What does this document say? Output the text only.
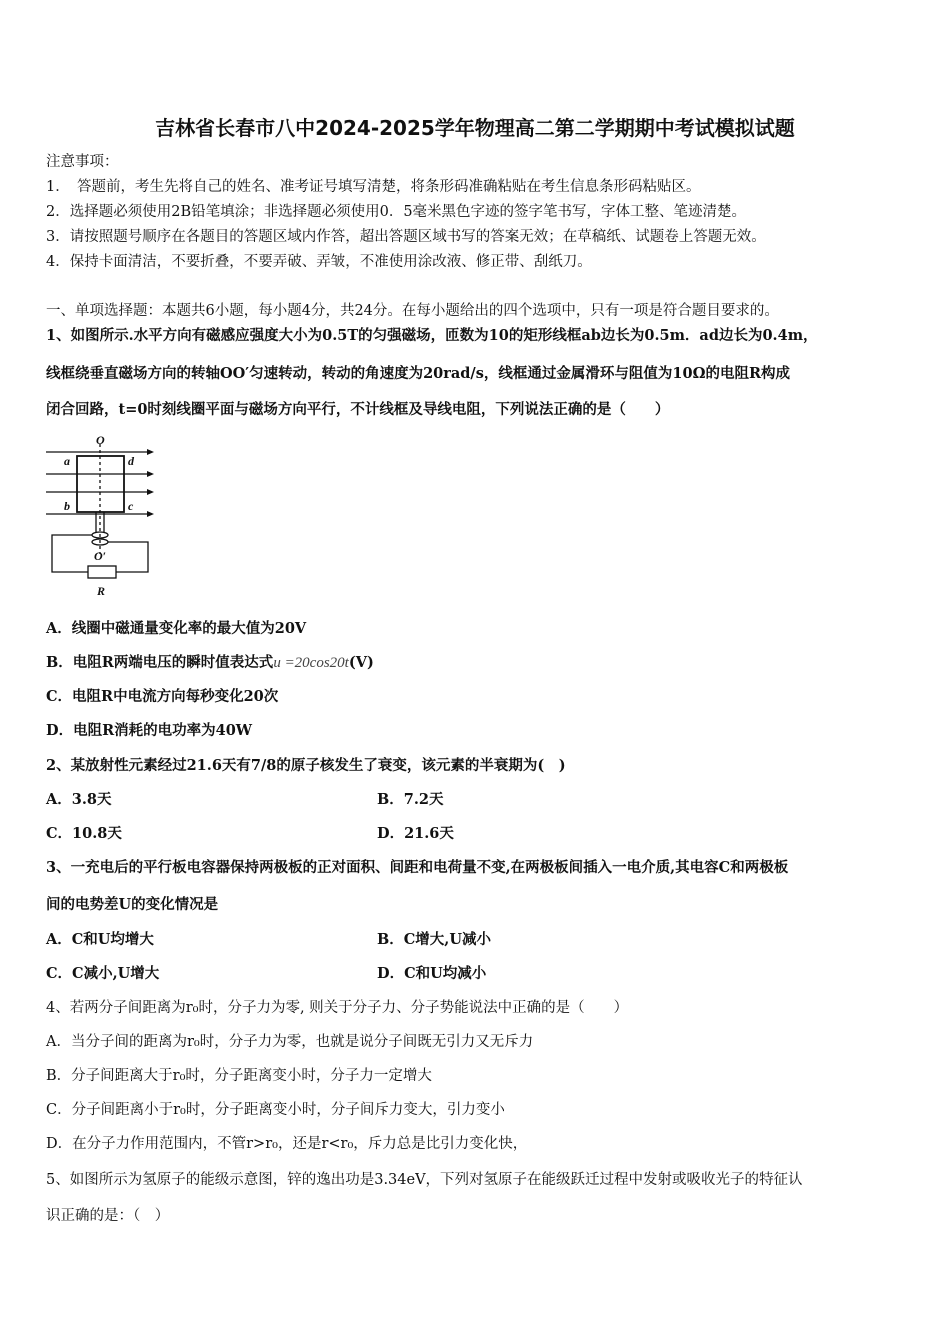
吉林省长春市八中2024-2025学年物理高二第二学期期中考试模拟试题
注意事项：
1．　答题前，考生先将自己的姓名、准考证号填写清楚，将条形码准确粘贴在考生信息条形码粘贴区。
2．选择题必须使用2B铅笔填涂；非选择题必须使用0．5毫米黑色字迹的签字笔书写，字体工整、笔迹清楚。
3．请按照题号顺序在各题目的答题区域内作答，超出答题区域书写的答案无效；在草稿纸、试题卷上答题无效。
4．保持卡面清洁，不要折叠，不要弄破、弄皱，不准使用涂改液、修正带、刮纸刀。
一、单项选择题：本题共6小题，每小题4分，共24分。在每小题给出的四个选项中，只有一项是符合题目要求的。
1、如图所示.水平方向有磁感应强度大小为0.5T的匀强磁场，匝数为10的矩形线框ab边长为0.5m．ad边长为0.4m，
线框绕垂直磁场方向的转轴OO′匀速转动，转动的角速度为20rad/s，线框通过金属滑环与阻值为10Ω的电阻R构成
闭合回路，t=0时刻线圈平面与磁场方向平行，不计线框及导线电阻，下列说法正确的是（　　）
O
a	d
b	c
O′
R
A．线圈中磁通量变化率的最大值为20V
B．电阻R两端电压的瞬时值表达式u =20cos20t(V)
C．电阻R中电流方向每秒变化20次
D．电阻R消耗的电功率为40W
2、某放射性元素经过21.6天有7/8的原子核发生了衰变，该元素的半衰期为(　)
A．3.8天	B．7.2天
C．10.8天	D．21.6天
3、一充电后的平行板电容器保持两极板的正对面积、间距和电荷量不变,在两极板间插入一电介质,其电容C和两极板
间的电势差U的变化情况是
A．C和U均增大	B．C增大,U减小
C．C减小,U增大	D．C和U均减小
4、若两分子间距离为r₀时，分子力为零, 则关于分子力、分子势能说法中正确的是（　　）
A．当分子间的距离为r₀时，分子力为零，也就是说分子间既无引力又无斥力
B．分子间距离大于r₀时，分子距离变小时，分子力一定增大
C．分子间距离小于r₀时，分子距离变小时，分子间斥力变大，引力变小
D．在分子力作用范围内，不管r>r₀，还是r<r₀，斥力总是比引力变化快，
5、如图所示为氢原子的能级示意图，锌的逸出功是3.34eV，下列对氢原子在能级跃迁过程中发射或吸收光子的特征认
识正确的是：（　）
